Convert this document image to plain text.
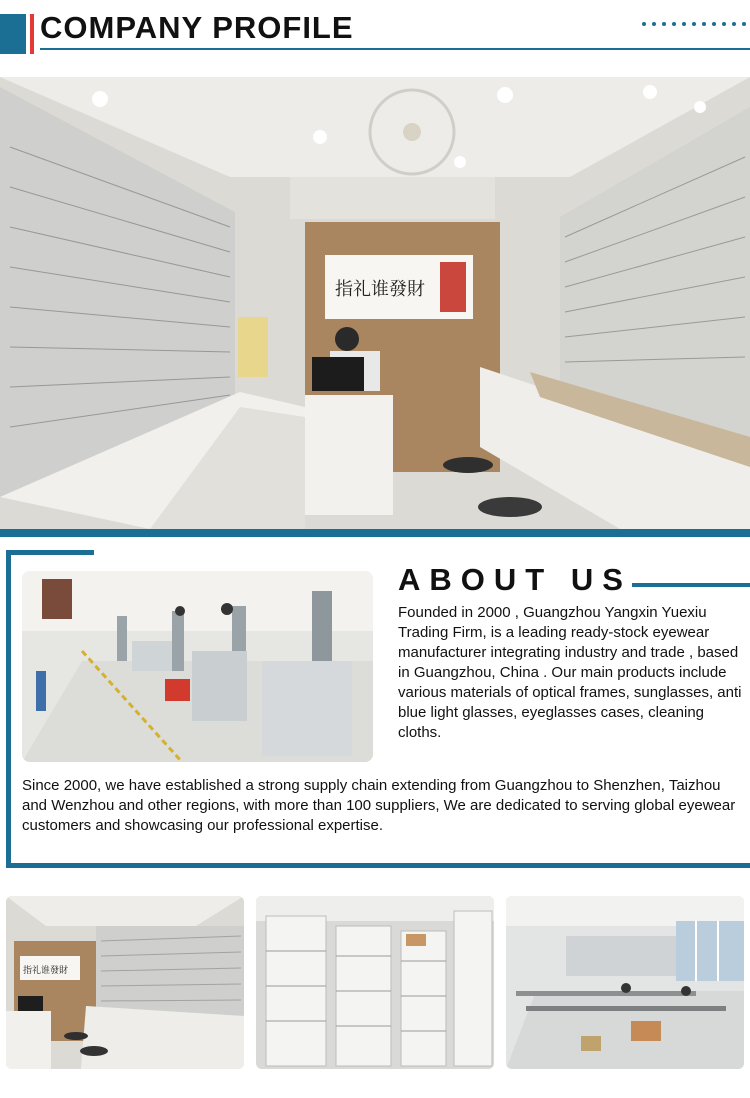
COMPANY PROFILE
指礼谁發財
ABOUT US

Founded in 2000 , Guangzhou Yangxin Yuexiu Trading Firm, is a leading ready-stock eyewear manufacturer integrating industry and trade , based in Guangzhou, China . Our main products include various materials of optical frames, sunglasses, anti blue light glasses, eyeglasses cases, cleaning cloths.

Since 2000, we have established a strong supply chain extending from Guangzhou to Shenzhen, Taizhou and Wenzhou and other regions, with more than 100 suppliers, We are dedicated to serving global eyewear customers and showcasing our professional expertise.

指礼谁發財
